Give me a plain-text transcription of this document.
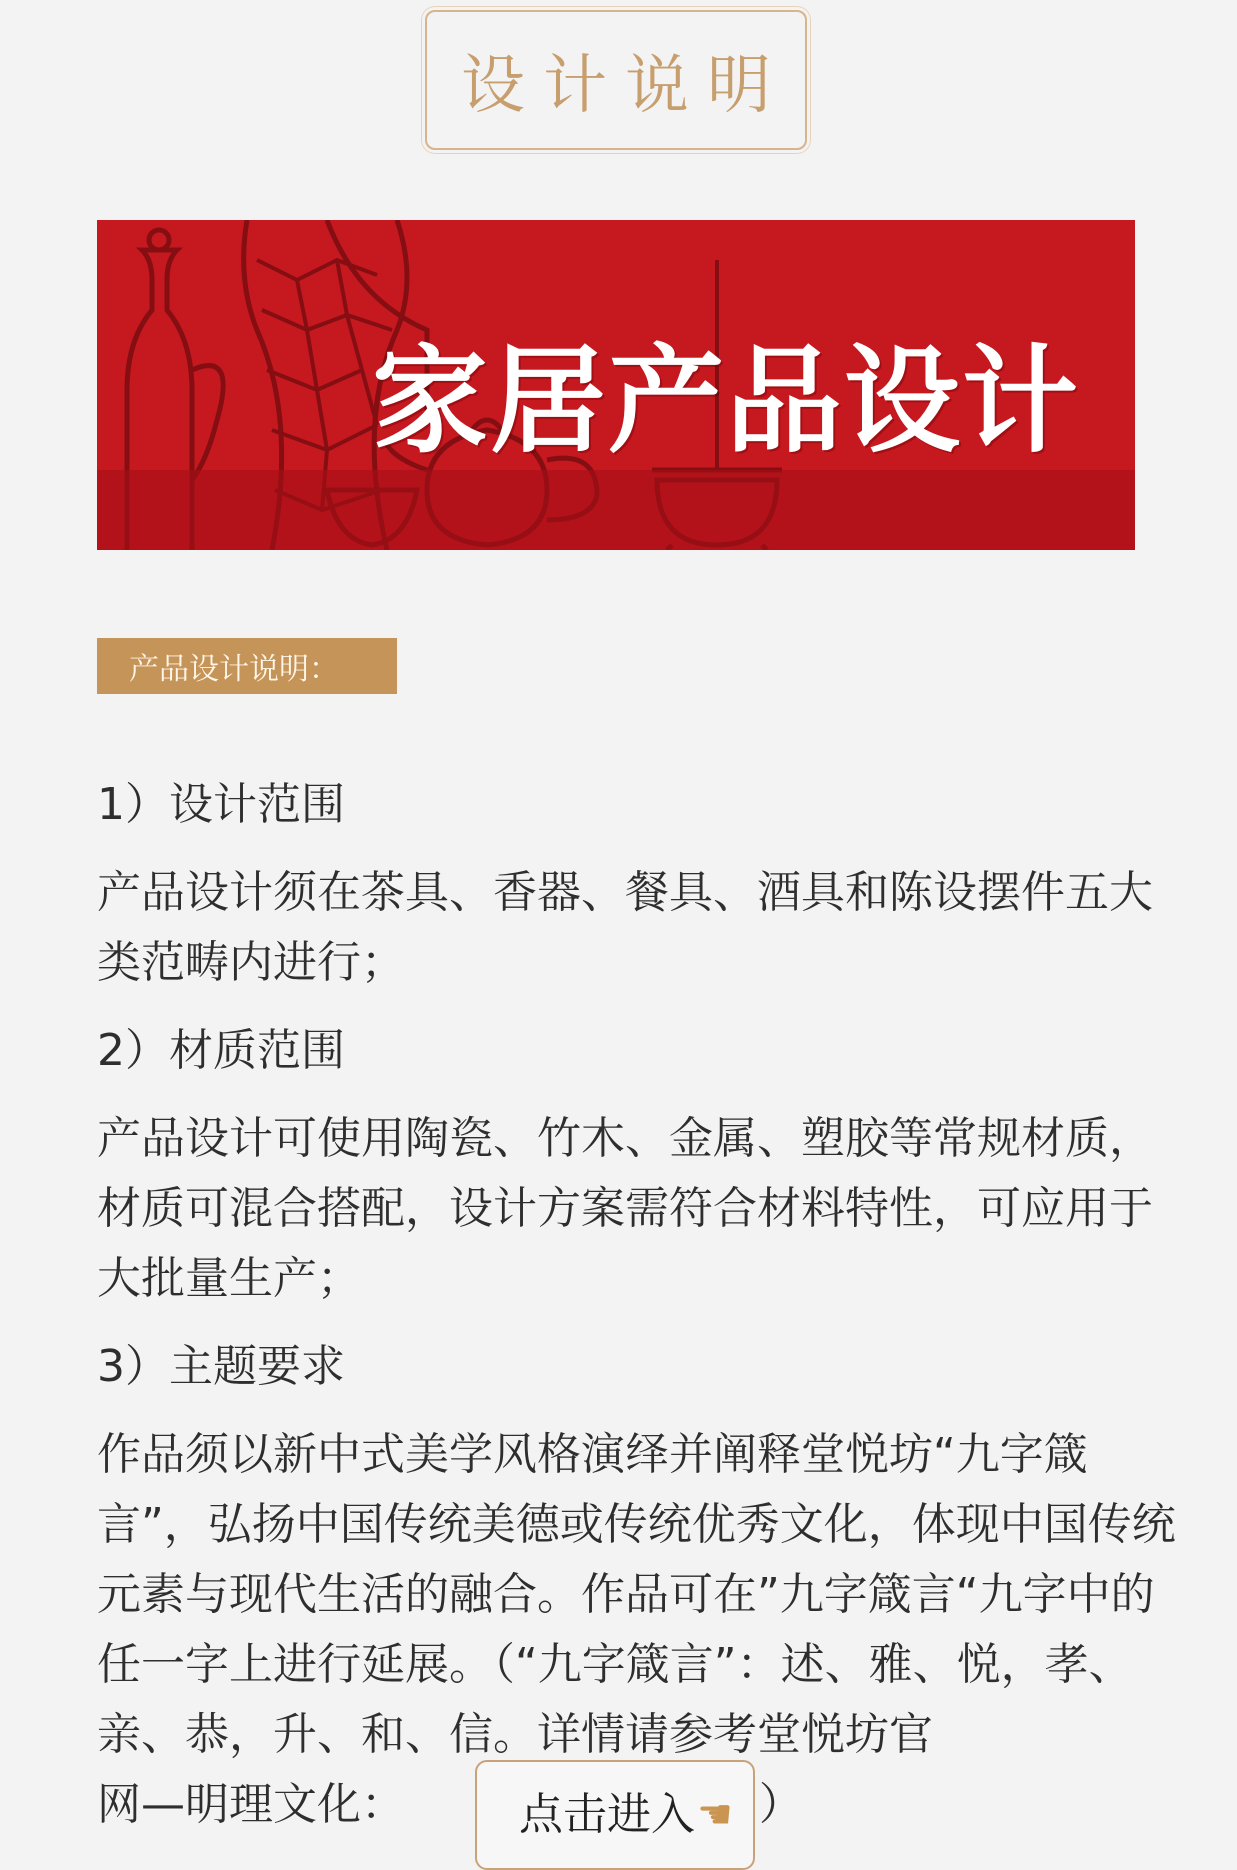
设计说明
家居产品设计
产品设计说明：
1）设计范围
产品设计须在茶具、香器、餐具、酒具和陈设摆件五大类范畴内进行；
2）材质范围
产品设计可使用陶瓷、竹木、金属、塑胶等常规材质，材质可混合搭配，设计方案需符合材料特性，可应用于大批量生产；
3）主题要求
作品须以新中式美学风格演绎并阐释堂悦坊“九字箴言”，弘扬中国传统美德或传统优秀文化，体现中国传统元素与现代生活的融合。作品可在”九字箴言“九字中的任一字上进行延展。（“九字箴言”：述、雅、悦，孝、亲、恭，升、和、信。详情请参考堂悦坊官
网—明理文化：	点击进入 ☚ ）
